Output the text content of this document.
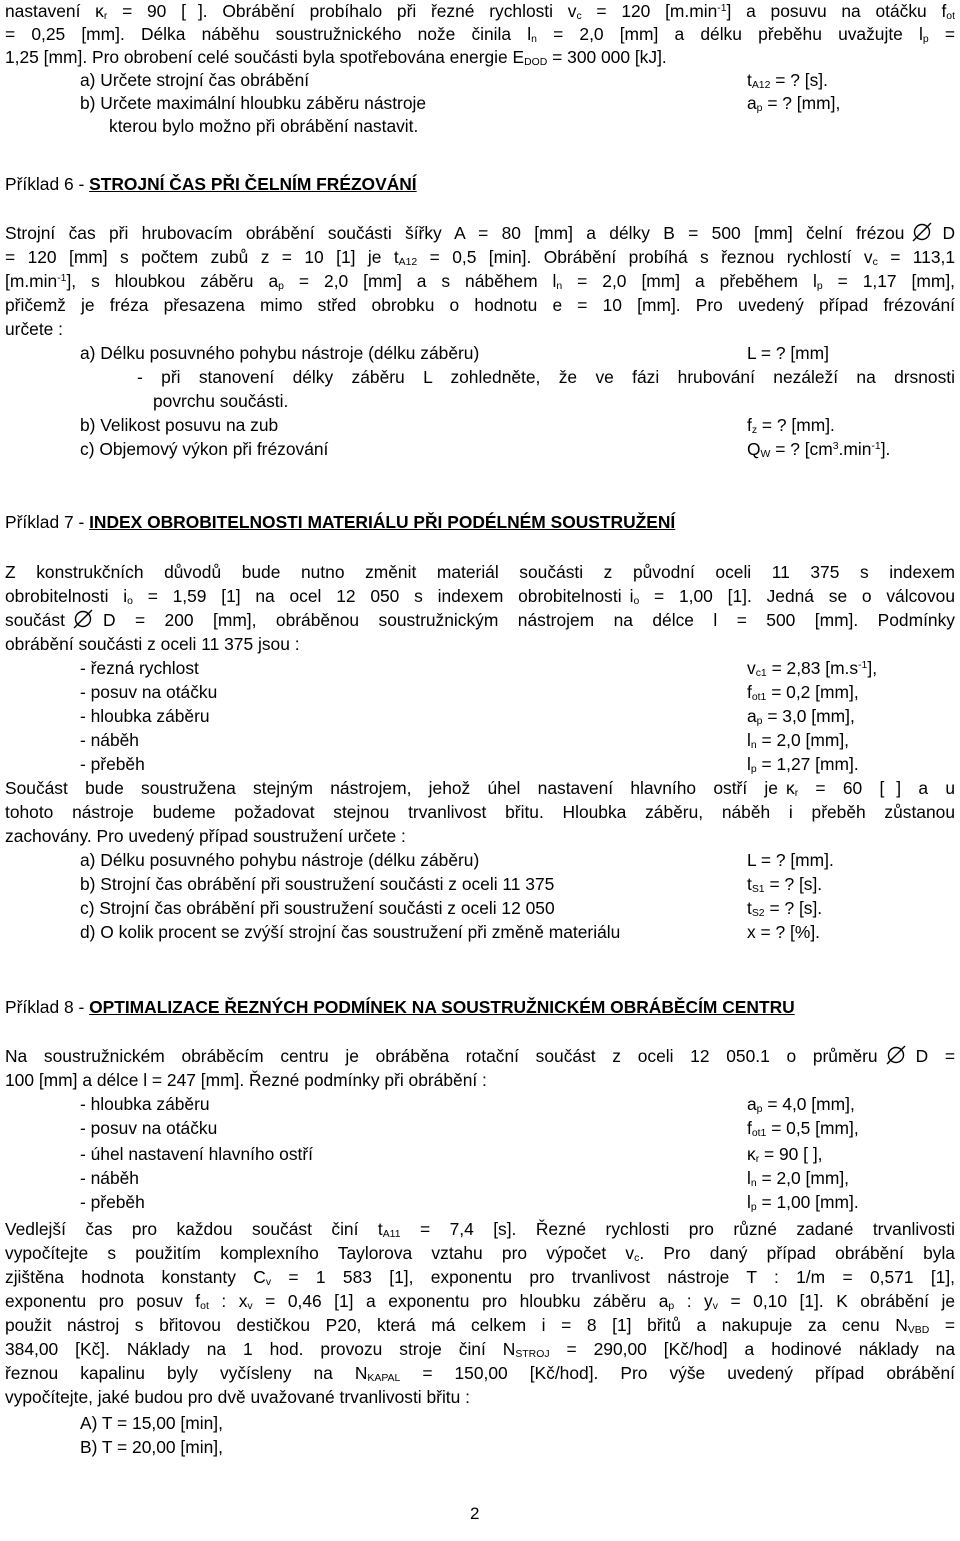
nastavení $\kappa_r = 90$ [ ]. Obrábění probíhalo při řezné rychlosti $v_c = 120$ $[m.\min^{-1}]$ a posuvu na otáčku $f_{ot}$
= 0,25 [mm]. Délka náběhu soustružnického nože činila $l_n = 2,0$ [mm] a délku přeběhu uvažujte $l_p$ =
1,25 [mm]. Pro obrobení celé součásti byla spotřebována energie $E_{DOD} = 300$ 000 [kJ].
a) Určete strojní čas obrábění	$t_{A12}$ = ? [s].
b) Určete maximální hloubku záběru nástroje	$a_p$ = ? [mm],
kterou bylo možno při obrábění nastavit.
Příklad 6 - STROJNÍ ČAS PŘI ČELNÍM FRÉZOVÁNÍ
Strojní čas při hrubovacím obrábění součásti šířky A = 80 [mm] a délky B = 500 [mm] čelní frézou D
= 120 [mm] s počtem zubů z = 10 [1] je $t_{A12} = 0,5$ [min]. Obrábění probíhá s řeznou rychlostí $v_c = 113,1$
$[m.\min^{-1}]$, s hloubkou záběru $a_p = 2,0$ [mm] a s náběhem $l_n = 2,0$ [mm] a přeběhem $l_p = 1,17$ [mm],
přičemž je fréza přesazena mimo střed obrobku o hodnotu e = 10 [mm]. Pro uvedený případ frézování
určete :
a) Délku posuvného pohybu nástroje (délku záběru)	L = ? [mm]
- při stanovení délky záběru L zohledněte, že ve fázi hrubování nezáleží na drsnosti
povrchu součásti.
b) Velikost posuvu na zub	$f_z$ = ? [mm].
c) Objemový výkon při frézování	$Q_W$ = ? $[cm^3.\min^{-1}]$.
Příklad 7 - INDEX OBROBITELNOSTI MATERIÁLU PŘI PODÉLNÉM SOUSTRUŽENÍ
Z konstrukčních důvodů bude nutno změnit materiál součásti z původní oceli 11 375 s indexem
obrobitelnosti $i_o = 1,59$ [1] na ocel 12 050 s indexem obrobitelnosti $i_o = 1,00$ [1]. Jedná se o válcovou
součást D = 200 [mm], obráběnou soustružnickým nástrojem na délce l = 500 [mm]. Podmínky
obrábění součásti z oceli 11 375 jsou :
- řezná rychlost	$v_{c1} = 2,83$ $[m.s^{-1}]$,
- posuv na otáčku	$f_{ot1} = 0,2$ [mm],
- hloubka záběru	$a_p = 3,0$ [mm],
- náběh	$l_n = 2,0$ [mm],
- přeběh	$l_p = 1,27$ [mm].
Součást bude soustružena stejným nástrojem, jehož úhel nastavení hlavního ostří je $\kappa_r = 60$ [ ] a u
tohoto nástroje budeme požadovat stejnou trvanlivost břitu. Hloubka záběru, náběh i přeběh zůstanou
zachovány. Pro uvedený případ soustružení určete :
a) Délku posuvného pohybu nástroje (délku záběru)	L = ? [mm].
b) Strojní čas obrábění při soustružení součásti z oceli 11 375	$t_{S1}$ = ? [s].
c) Strojní čas obrábění při soustružení součásti z oceli 12 050	$t_{S2}$ = ? [s].
d) O kolik procent se zvýší strojní čas soustružení při změně materiálu	x = ? [%].
Příklad 8 - OPTIMALIZACE ŘEZNÝCH PODMÍNEK NA SOUSTRUŽNICKÉM OBRÁBĚCÍM CENTRU
Na soustružnickém obráběcím centru je obráběna rotační součást z oceli 12 050.1 o průměru D =
100 [mm] a délce l = 247 [mm]. Řezné podmínky při obrábění :
- hloubka záběru	$a_p = 4,0$ [mm],
- posuv na otáčku	$f_{ot1} = 0,5$ [mm],
- úhel nastavení hlavního ostří	$\kappa_r = 90$ [ ],
- náběh	$l_n = 2,0$ [mm],
- přeběh	$l_p = 1,00$ [mm].
Vedlejší čas pro každou součást činí $t_{A11} = 7,4$ [s]. Řezné rychlosti pro různé zadané trvanlivosti
vypočítejte s použitím komplexního Taylorova vztahu pro výpočet $v_c$. Pro daný případ obrábění byla
zjištěna hodnota konstanty $C_v = 1$ 583 [1], exponentu pro trvanlivost nástroje T : 1/m = 0,571 [1],
exponentu pro posuv $f_{ot}$ : $x_v = 0,46$ [1] a exponentu pro hloubku záběru $a_p$ : $y_v = 0,10$ [1]. K obrábění je
použit nástroj s břitovou destičkou P20, která má celkem i = 8 [1] břitů a nakupuje za cenu $N_{VBD}$ =
384,00 [Kč]. Náklady na 1 hod. provozu stroje činí $N_{STROJ} = 290,00$ [Kč/hod] a hodinové náklady na
řeznou kapalinu byly vyčísleny na $N_{KAPAL} = 150,00$ [Kč/hod]. Pro výše uvedený případ obrábění
vypočítejte, jaké budou pro dvě uvažované trvanlivosti břitu :
A) T = 15,00 [min],
B) T = 20,00 [min],
2
